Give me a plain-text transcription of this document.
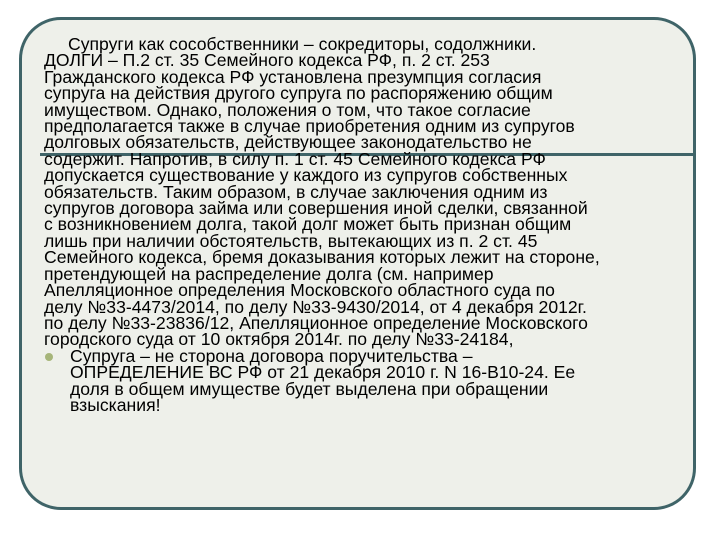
Супруги как сособственники – сокредиторы, содолжники.
ДОЛГИ – П.2 ст. 35 Семейного кодекса РФ, п. 2 ст. 253
Гражданского кодекса РФ установлена презумпция согласия
супруга на действия другого супруга по распоряжению общим
имуществом. Однако, положения о том, что такое согласие
предполагается также в случае приобретения одним из супругов
долговых обязательств, действующее законодательство не
содержит. Напротив, в силу п. 1 ст. 45 Семейного кодекса РФ
допускается существование у каждого из супругов собственных
обязательств. Таким образом, в случае заключения одним из
супругов договора займа или совершения иной сделки, связанной
с возникновением долга, такой долг может быть признан общим
лишь при наличии обстоятельств, вытекающих из п. 2 ст. 45
Семейного кодекса, бремя доказывания которых лежит на стороне,
претендующей на распределение долга (см. например
Апелляционное определения Московского областного суда по
делу №33-4473/2014, по делу №33-9430/2014, от 4 декабря 2012г.
по делу №33-23836/12, Апелляционное определение Московского
городского суда от 10 октября 2014г. по делу №33-24184,
Супруга – не сторона договора поручительства –
ОПРЕДЕЛЕНИЕ ВС РФ от 21 декабря 2010 г. N 16-В10-24. Ее
доля в общем имуществе будет выделена при обращении
взыскания!
